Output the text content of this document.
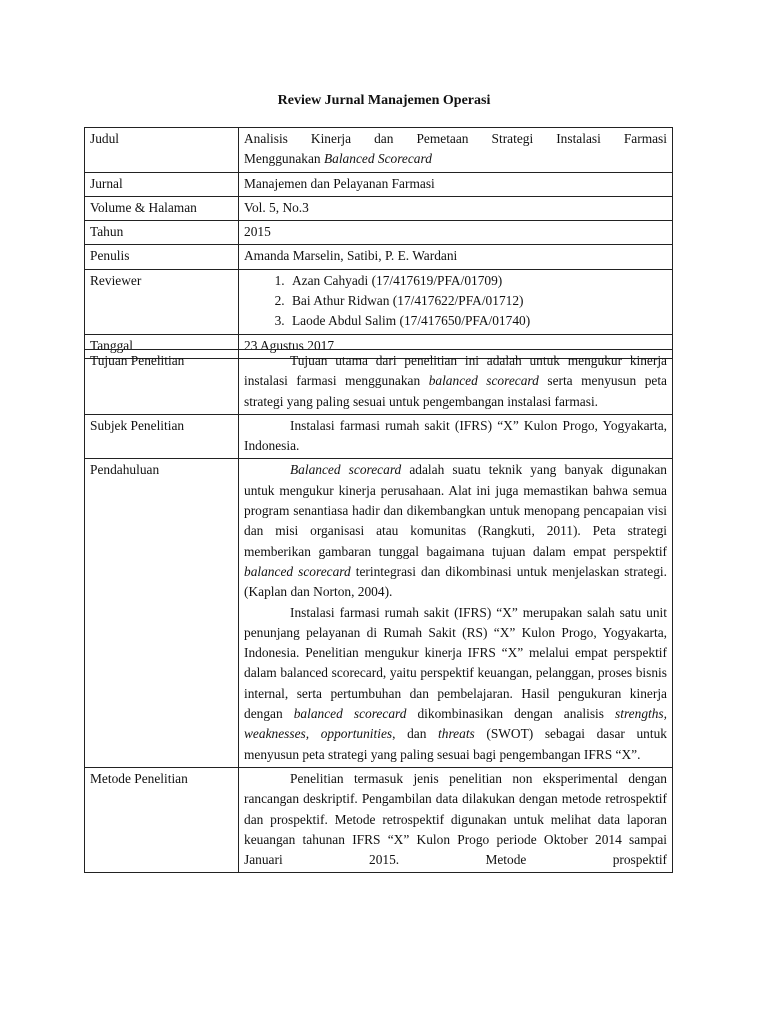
Review Jurnal Manajemen Operasi
Judul	Analisis Kinerja dan Pemetaan Strategi Instalasi Farmasi
Menggunakan Balanced Scorecard

Jurnal	Manajemen dan Pelayanan Farmasi
Volume & Halaman	Vol. 5, No.3
Tahun	2015
Penulis	Amanda Marselin, Satibi, P. E. Wardani
Reviewer	
1.Azan Cahyadi (17/417619/PFA/01709)
2. Bai Athur Ridwan (17/417622/PFA/01712)
3. Laode Abdul Salim (17/417650/PFA/01740)

Tanggal	23 Agustus 2017
Tujuan Penelitian	Tujuan utama dari penelitian ini adalah untuk mengukur kinerja instalasi farmasi menggunakan balanced scorecard serta menyusun peta strategi yang paling sesuai untuk pengembangan instalasi farmasi.

Subjek Penelitian	Instalasi farmasi rumah sakit (IFRS) “X” Kulon Progo, Yogyakarta, Indonesia.

Pendahuluan	Balanced scorecard adalah suatu teknik yang banyak digunakan untuk mengukur kinerja perusahaan. Alat ini juga memastikan bahwa semua program senantiasa hadir dan dikembangkan untuk menopang pencapaian visi dan misi organisasi atau komunitas (Rangkuti, 2011). Peta strategi memberikan gambaran tunggal bagaimana tujuan dalam empat perspektif balanced scorecard terintegrasi dan dikombinasi untuk menjelaskan strategi. (Kaplan dan Norton, 2004).

Instalasi farmasi rumah sakit (IFRS) “X” merupakan salah satu unit penunjang pelayanan di Rumah Sakit (RS) “X” Kulon Progo, Yogyakarta, Indonesia. Penelitian mengukur kinerja IFRS “X” melalui empat perspektif dalam balanced scorecard, yaitu perspektif keuangan, pelanggan, proses bisnis internal, serta pertumbuhan dan pembelajaran. Hasil pengukuran kinerja dengan balanced scorecard dikombinasikan dengan analisis strengths, weaknesses, opportunities, dan threats (SWOT) sebagai dasar untuk menyusun peta strategi yang paling sesuai bagi pengembangan IFRS “X”.

Metode Penelitian	Penelitian termasuk jenis penelitian non eksperimental dengan rancangan deskriptif. Pengambilan data dilakukan dengan metode retrospektif dan prospektif. Metode retrospektif digunakan untuk melihat data laporan keuangan tahunan IFRS “X” Kulon Progo periode Oktober 2014 sampai Januari 2015. Metode prospektif
